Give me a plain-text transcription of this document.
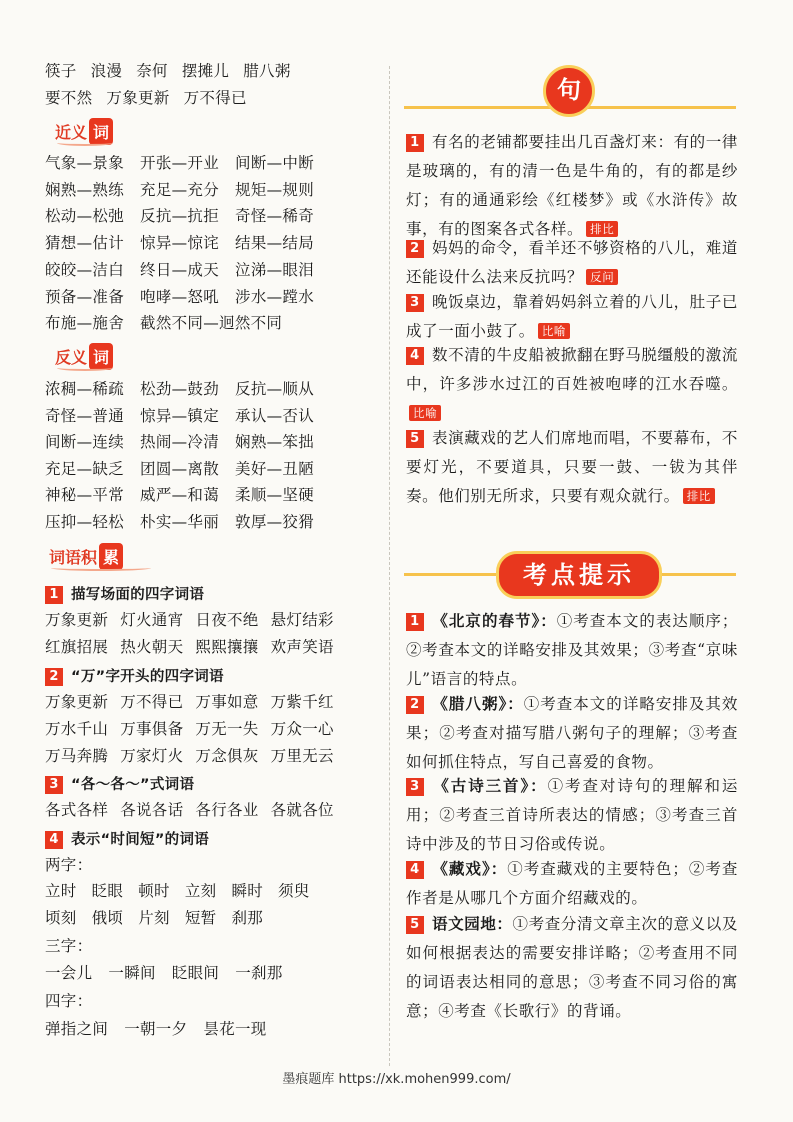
筷子 浪漫 奈何 摆摊儿 腊八粥
要不然 万象更新 万不得已
近义 词
气象—景象 开张—开业 间断—中断
娴熟—熟练 充足—充分 规矩—规则
松动—松弛 反抗—抗拒 奇怪—稀奇
猜想—估计 惊异—惊诧 结果—结局
皎皎—洁白 终日—成天 泣涕—眼泪
预备—准备 咆哮—怒吼 涉水—蹚水
布施—施舍 截然不同—迥然不同
反义 词
浓稠—稀疏 松劲—鼓劲 反抗—顺从
奇怪—普通 惊异—镇定 承认—否认
间断—连续 热闹—冷清 娴熟—笨拙
充足—缺乏 团圆—离散 美好—丑陋
神秘—平常 威严—和蔼 柔顺—坚硬
压抑—轻松 朴实—华丽 敦厚—狡猾
词语积 累
1 描写场面的四字词语
万象更新 灯火通宵 日夜不绝 悬灯结彩
红旗招展 热火朝天 熙熙攘攘 欢声笑语
2 “万”字开头的四字词语
万象更新 万不得已 万事如意 万紫千红
万水千山 万事俱备 万无一失 万众一心
万马奔腾 万家灯火 万念俱灰 万里无云
3 “各～各～”式词语
各式各样 各说各话 各行各业 各就各位
4 表示“时间短”的词语
两字：
立时 眨眼 顿时 立刻 瞬时 须臾
顷刻 俄顷 片刻 短暂 刹那
三字：
一会儿 一瞬间 眨眼间 一刹那
四字：
弹指之间 一朝一夕 昙花一现
句
1 有名的老铺都要挂出几百盏灯来：有的一律是玻璃的，有的清一色是牛角的，有的都是纱灯；有的通通彩绘《红楼梦》或《水浒传》故事，有的图案各式各样。 排比
2 妈妈的命令，看羊还不够资格的八儿，难道还能设什么法来反抗吗？ 反问
3 晚饭桌边，靠着妈妈斜立着的八儿，肚子已成了一面小鼓了。 比喻
4 数不清的牛皮船被掀翻在野马脱缰般的激流中，许多涉水过江的百姓被咆哮的江水吞噬。比喻
5 表演藏戏的艺人们席地而唱，不要幕布，不要灯光，不要道具，只要一鼓、一钹为其伴奏。他们别无所求，只要有观众就行。 排比
考点提示
1 《北京的春节》：①考查本文的表达顺序；②考查本文的详略安排及其效果；③考查“京味儿”语言的特点。
2 《腊八粥》：①考查本文的详略安排及其效果；②考查对描写腊八粥句子的理解；③考查如何抓住特点，写自己喜爱的食物。
3 《古诗三首》：①考查对诗句的理解和运用；②考查三首诗所表达的情感；③考查三首诗中涉及的节日习俗或传说。
4 《藏戏》：①考查藏戏的主要特色；②考查作者是从哪几个方面介绍藏戏的。
5 语文园地：①考查分清文章主次的意义以及如何根据表达的需要安排详略；②考查用不同的词语表达相同的意思；③考查不同习俗的寓意；④考查《长歌行》的背诵。
墨痕题库 https://xk.mohen999.com/
